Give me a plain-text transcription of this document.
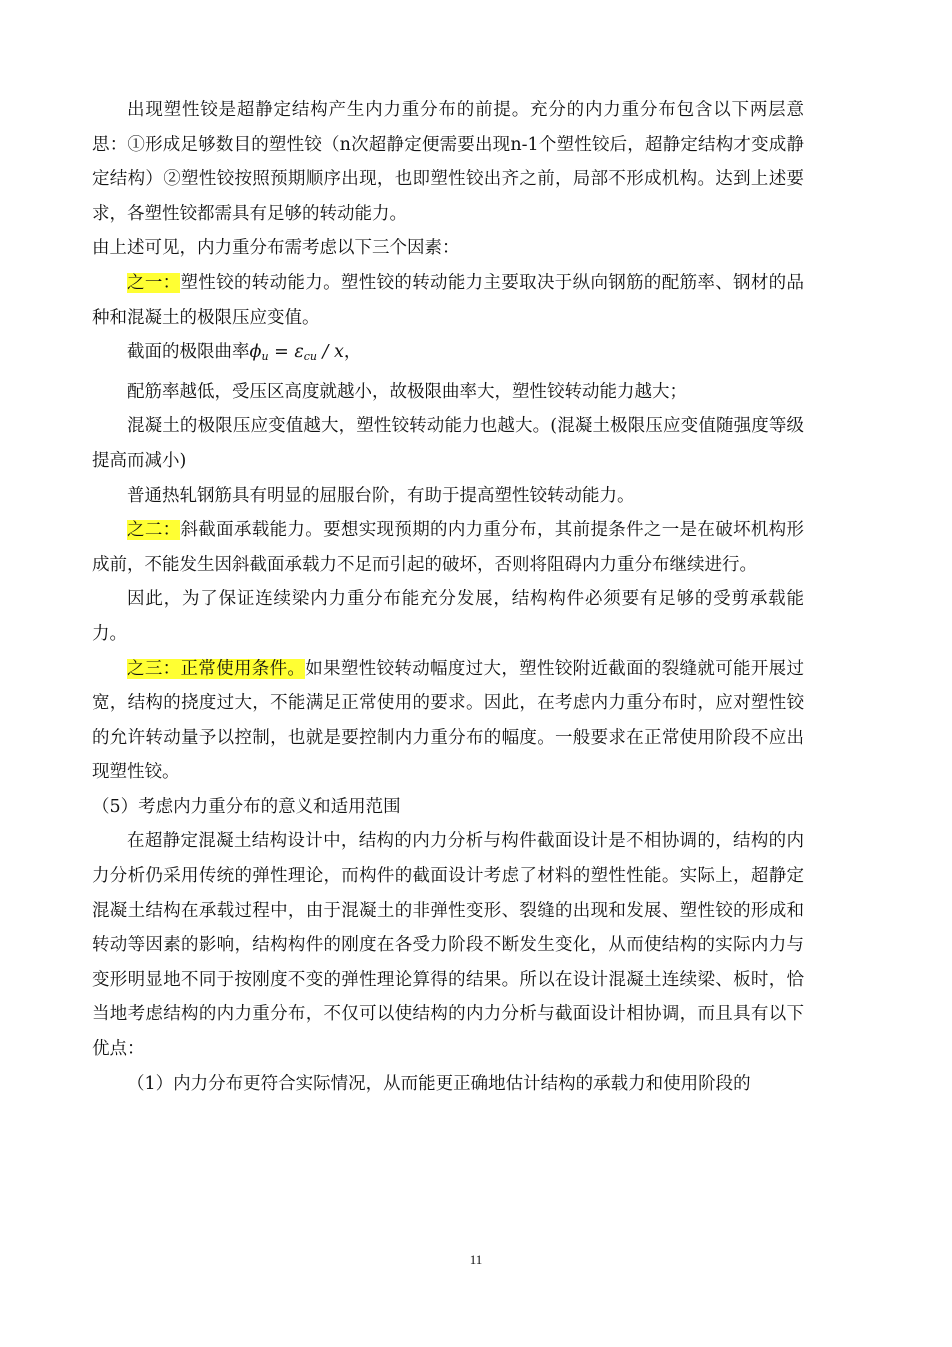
出现塑性铰是超静定结构产生内力重分布的前提。充分的内力重分布包含以下两层意思：①形成足够数目的塑性铰（n次超静定便需要出现n-1个塑性铰后，超静定结构才变成静定结构）②塑性铰按照预期顺序出现，也即塑性铰出齐之前，局部不形成机构。达到上述要求，各塑性铰都需具有足够的转动能力。

由上述可见，内力重分布需考虑以下三个因素：

之一：塑性铰的转动能力。塑性铰的转动能力主要取决于纵向钢筋的配筋率、钢材的品种和混凝土的极限压应变值。

截面的极限曲率$\phi_u = \varepsilon_{cu} / x$，

配筋率越低，受压区高度就越小，故极限曲率大，塑性铰转动能力越大；

混凝土的极限压应变值越大，塑性铰转动能力也越大。(混凝土极限压应变值随强度等级提高而减小)

普通热轧钢筋具有明显的屈服台阶，有助于提高塑性铰转动能力。

之二：斜截面承载能力。要想实现预期的内力重分布，其前提条件之一是在破坏机构形成前，不能发生因斜截面承载力不足而引起的破坏，否则将阻碍内力重分布继续进行。

因此，为了保证连续梁内力重分布能充分发展，结构构件必须要有足够的受剪承载能力。

之三：正常使用条件。如果塑性铰转动幅度过大，塑性铰附近截面的裂缝就可能开展过宽，结构的挠度过大，不能满足正常使用的要求。因此，在考虑内力重分布时，应对塑性铰的允许转动量予以控制，也就是要控制内力重分布的幅度。一般要求在正常使用阶段不应出现塑性铰。

（5）考虑内力重分布的意义和适用范围

在超静定混凝土结构设计中，结构的内力分析与构件截面设计是不相协调的，结构的内力分析仍采用传统的弹性理论，而构件的截面设计考虑了材料的塑性性能。实际上，超静定混凝土结构在承载过程中，由于混凝土的非弹性变形、裂缝的出现和发展、塑性铰的形成和转动等因素的影响，结构构件的刚度在各受力阶段不断发生变化，从而使结构的实际内力与变形明显地不同于按刚度不变的弹性理论算得的结果。所以在设计混凝土连续梁、板时，恰当地考虑结构的内力重分布，不仅可以使结构的内力分析与截面设计相协调，而且具有以下优点：

（1）内力分布更符合实际情况，从而能更正确地估计结构的承载力和使用阶段的

11
